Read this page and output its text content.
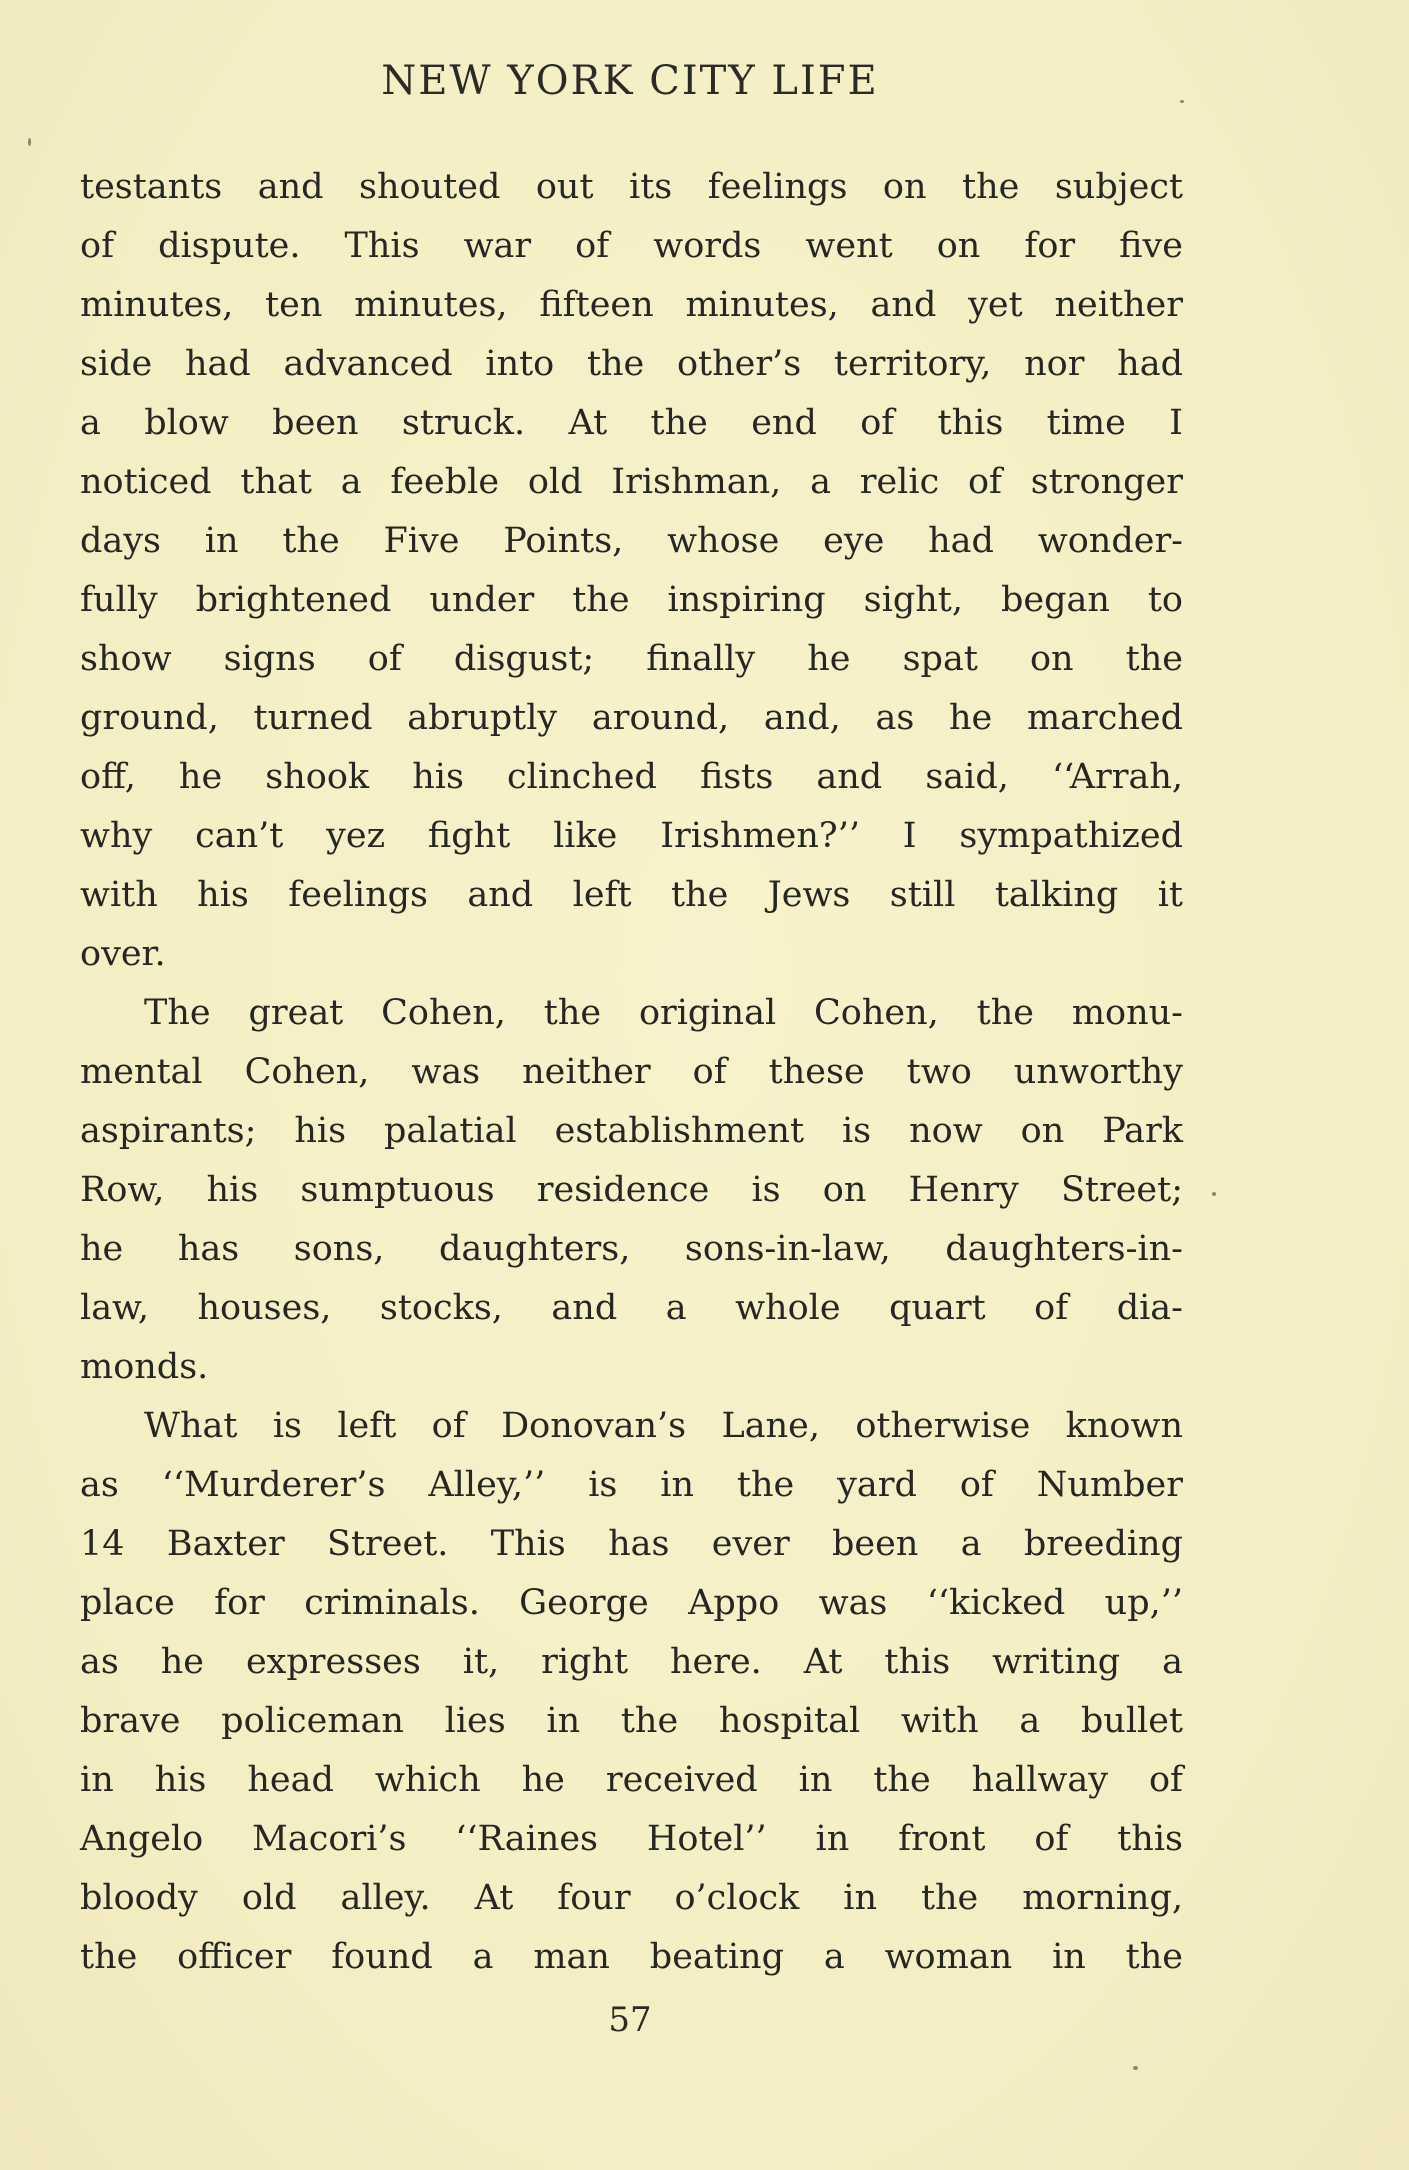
NEW YORK CITY LIFE
testants and shouted out its feelings on the subject
of dispute. This war of words went on for five
minutes, ten minutes, fifteen minutes, and yet neither
side had advanced into the other’s territory, nor had
a blow been struck. At the end of this time I
noticed that a feeble old Irishman, a relic of stronger
days in the Five Points, whose eye had wonder-
fully brightened under the inspiring sight, began to
show signs of disgust; finally he spat on the
ground, turned abruptly around, and, as he marched
off, he shook his clinched fists and said, ‘‘Arrah,
why can’t yez fight like Irishmen?’’ I sympathized
with his feelings and left the Jews still talking it
over.
The great Cohen, the original Cohen, the monu-
mental Cohen, was neither of these two unworthy
aspirants; his palatial establishment is now on Park
Row, his sumptuous residence is on Henry Street;
he has sons, daughters, sons-in-law, daughters-in-
law, houses, stocks, and a whole quart of dia-
monds.
What is left of Donovan’s Lane, otherwise known
as ‘‘Murderer’s Alley,’’ is in the yard of Number
14 Baxter Street. This has ever been a breeding
place for criminals. George Appo was ‘‘kicked up,’’
as he expresses it, right here. At this writing a
brave policeman lies in the hospital with a bullet
in his head which he received in the hallway of
Angelo Macori’s ‘‘Raines Hotel’’ in front of this
bloody old alley. At four o’clock in the morning,
the officer found a man beating a woman in the
57
